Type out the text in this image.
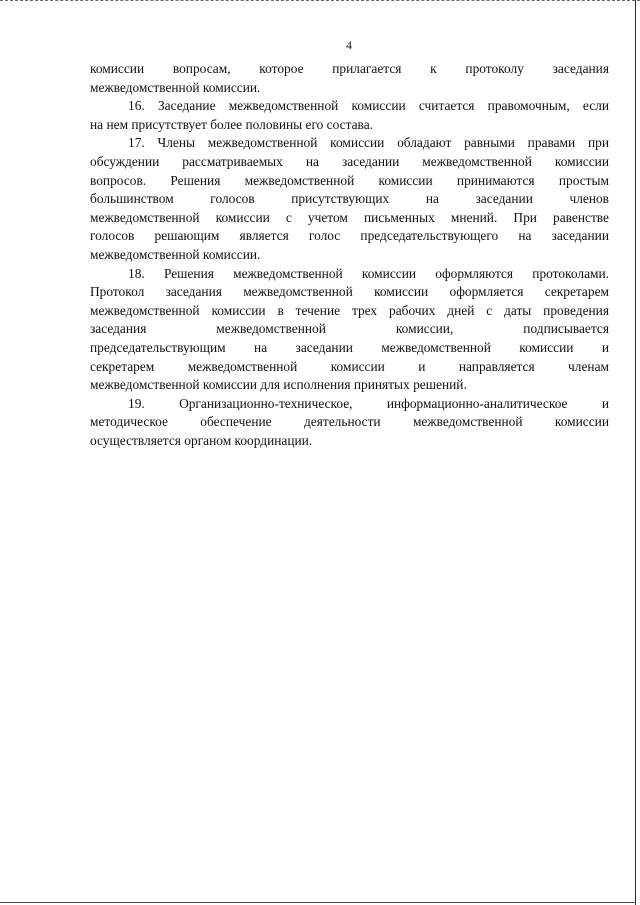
4
комиссии вопросам, которое прилагается к протоколу заседания
межведомственной комиссии.
16. Заседание межведомственной комиссии считается правомочным, если
на нем присутствует более половины его состава.
17. Члены межведомственной комиссии обладают равными правами при
обсуждении рассматриваемых на заседании межведомственной комиссии
вопросов. Решения межведомственной комиссии принимаются простым
большинством голосов присутствующих на заседании членов
межведомственной комиссии с учетом письменных мнений. При равенстве
голосов решающим является голос председательствующего на заседании
межведомственной комиссии.
18. Решения межведомственной комиссии оформляются протоколами.
Протокол заседания межведомственной комиссии оформляется секретарем
межведомственной комиссии в течение трех рабочих дней с даты проведения
заседания межведомственной комиссии, подписывается
председательствующим на заседании межведомственной комиссии и
секретарем межведомственной комиссии и направляется членам
межведомственной комиссии для исполнения принятых решений.
19. Организационно-техническое, информационно-аналитическое и
методическое обеспечение деятельности межведомственной комиссии
осуществляется органом координации.
